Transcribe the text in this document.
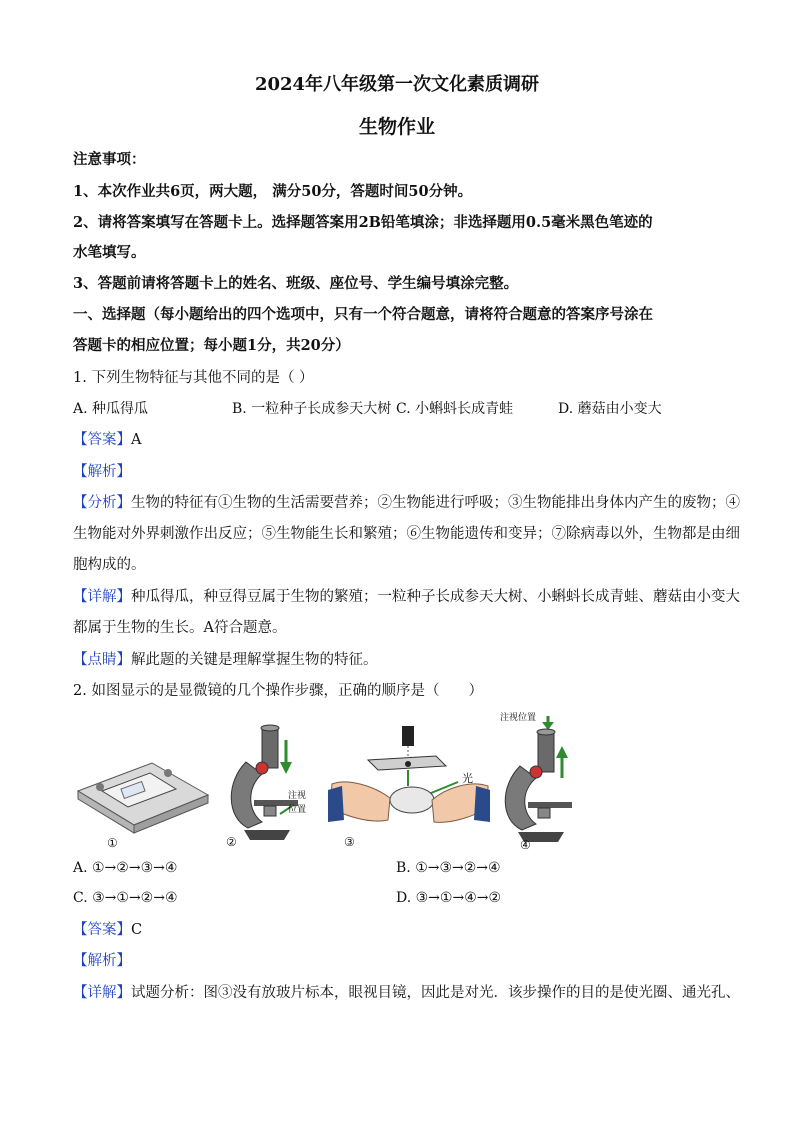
2024年八年级第一次文化素质调研
生物作业
注意事项：
1、本次作业共6页，两大题， 满分50分，答题时间50分钟。
2、请将答案填写在答题卡上。选择题答案用2B铅笔填涂；非选择题用0.5毫米黑色笔迹的
水笔填写。
3、答题前请将答题卡上的姓名、班级、座位号、学生编号填涂完整。
一、选择题（每小题给出的四个选项中，只有一个符合题意，请将符合题意的答案序号涂在
答题卡的相应位置；每小题1分，共20分）
1. 下列生物特征与其他不同的是（ ）
A. 种瓜得瓜	B. 一粒种子长成参天大树 C. 小蝌蚪长成青蛙	D. 蘑菇由小变大
【答案】A
【解析】
【分析】生物的特征有①生物的生活需要营养；②生物能进行呼吸；③生物能排出身体内产生的废物；④
生物能对外界刺激作出反应；⑤生物能生长和繁殖；⑥生物能遗传和变异；⑦除病毒以外，生物都是由细
胞构成的。
【详解】种瓜得瓜，种豆得豆属于生物的繁殖；一粒种子长成参天大树、小蝌蚪长成青蛙、蘑菇由小变大
都属于生物的生长。A符合题意。
【点睛】解此题的关键是理解掌握生物的特征。
2. 如图显示的是显微镜的几个操作步骤，正确的顺序是（　　）
①
注视
位置
②
光
③
注视位置
④
A. ①→②→③→④	B. ①→③→②→④
C. ③→①→②→④	D. ③→①→④→②
【答案】C
【解析】
【详解】试题分析：图③没有放玻片标本，眼视目镜，因此是对光．该步操作的目的是使光圈、通光孔、
